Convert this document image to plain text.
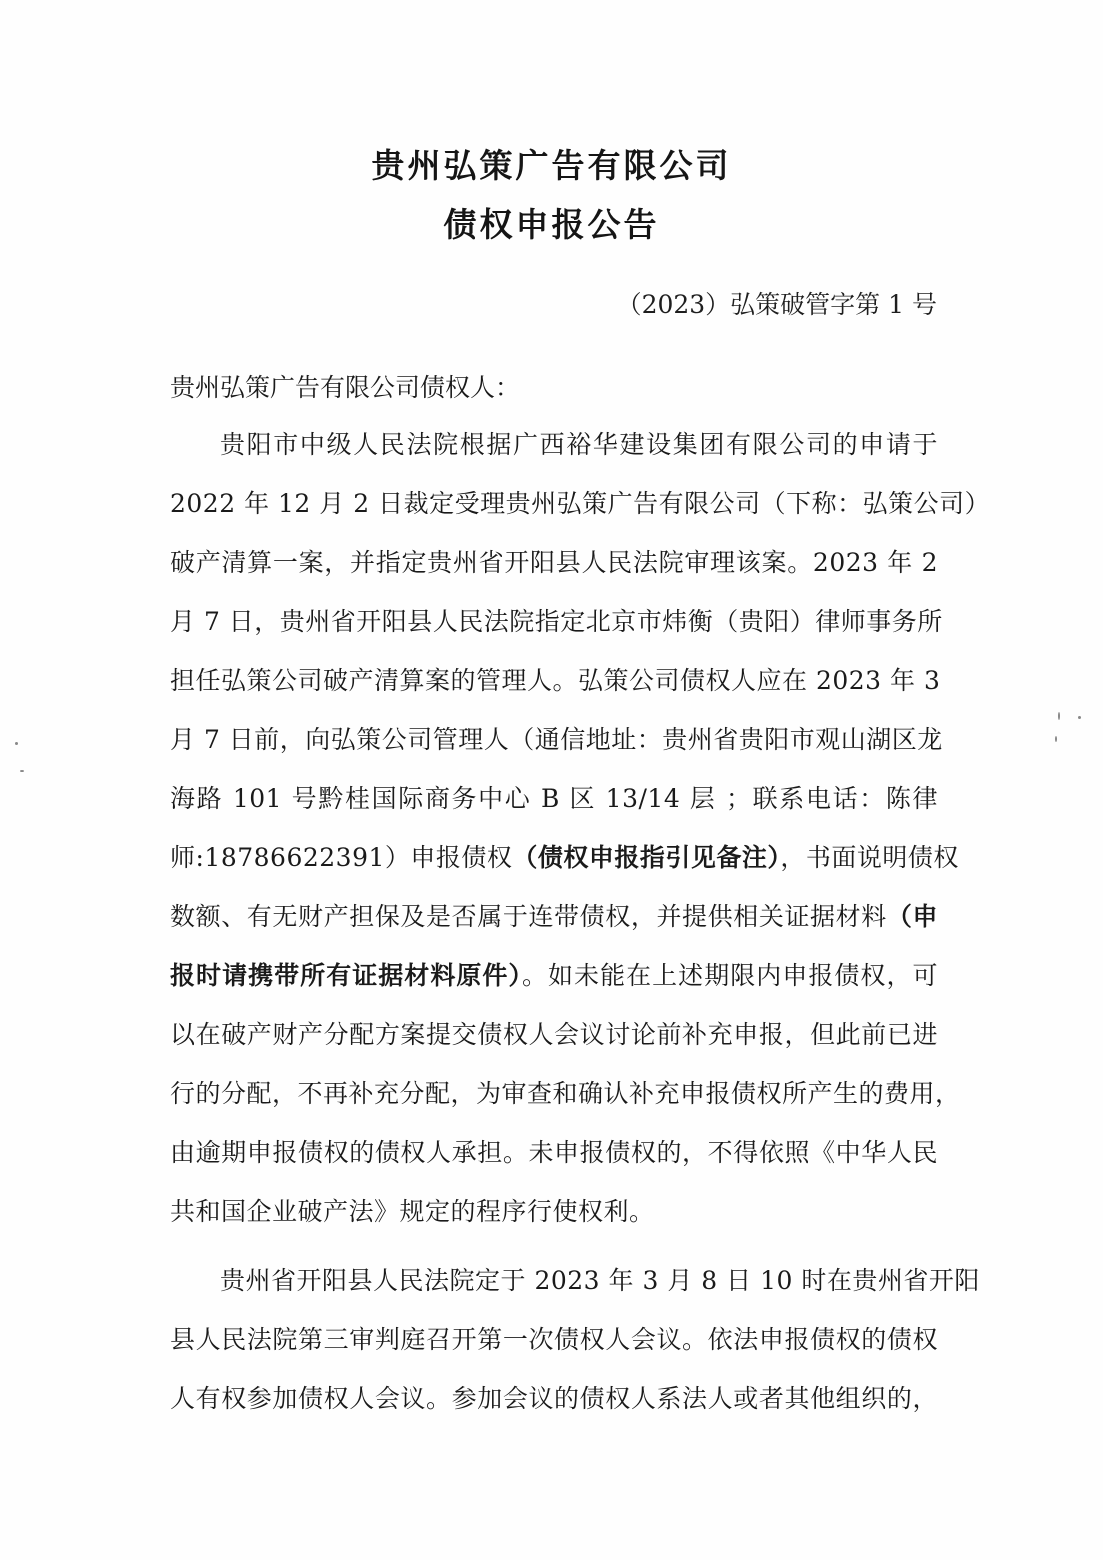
贵州弘策广告有限公司
债权申报公告
（2023）弘策破管字第 1 号
贵州弘策广告有限公司债权人：
贵阳市中级人民法院根据广西裕华建设集团有限公司的申请于
2022 年 12 月 2 日裁定受理贵州弘策广告有限公司（下称：弘策公司）
破产清算一案，并指定贵州省开阳县人民法院审理该案。2023 年 2
月 7 日，贵州省开阳县人民法院指定北京市炜衡（贵阳）律师事务所
担任弘策公司破产清算案的管理人。弘策公司债权人应在 2023 年 3
月 7 日前，向弘策公司管理人（通信地址：贵州省贵阳市观山湖区龙
海路 101 号黔桂国际商务中心 B 区 13/14 层 ；联系电话：陈律
师:18786622391）申报债权（债权申报指引见备注），书面说明债权
数额、有无财产担保及是否属于连带债权，并提供相关证据材料（申
报时请携带所有证据材料原件）。如未能在上述期限内申报债权，可
以在破产财产分配方案提交债权人会议讨论前补充申报，但此前已进
行的分配，不再补充分配，为审查和确认补充申报债权所产生的费用，
由逾期申报债权的债权人承担。未申报债权的，不得依照《中华人民
共和国企业破产法》规定的程序行使权利。
贵州省开阳县人民法院定于 2023 年 3 月 8 日 10 时在贵州省开阳
县人民法院第三审判庭召开第一次债权人会议。依法申报债权的债权
人有权参加债权人会议。参加会议的债权人系法人或者其他组织的，
